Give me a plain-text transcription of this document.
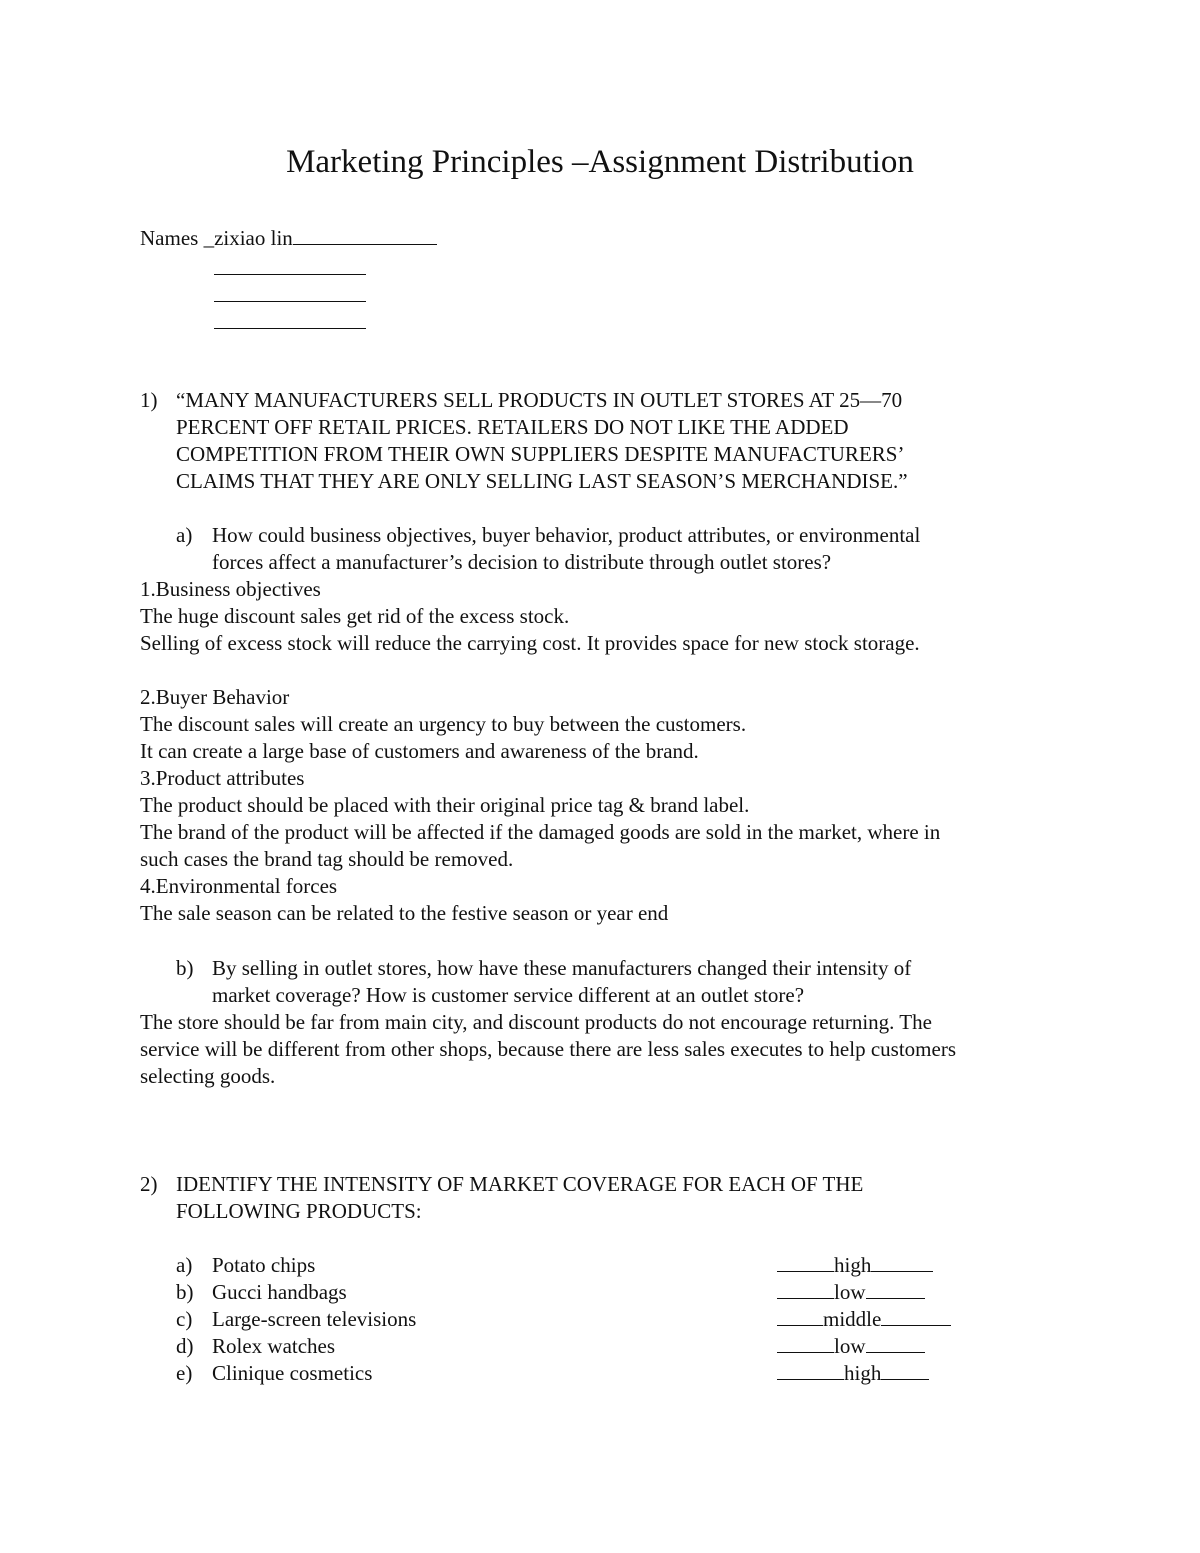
Marketing Principles –Assignment Distribution
Names _zixiao lin
1) “MANY MANUFACTURERS SELL PRODUCTS IN OUTLET STORES AT 25—70
PERCENT OFF RETAIL PRICES. RETAILERS DO NOT LIKE THE ADDED
COMPETITION FROM THEIR OWN SUPPLIERS DESPITE MANUFACTURERS’
CLAIMS THAT THEY ARE ONLY SELLING LAST SEASON’S MERCHANDISE.”
a) How could business objectives, buyer behavior, product attributes, or environmental
forces affect a manufacturer’s decision to distribute through outlet stores?
1.Business objectives
The huge discount sales get rid of the excess stock.
Selling of excess stock will reduce the carrying cost. It provides space for new stock storage.
2.Buyer Behavior
The discount sales will create an urgency to buy between the customers.
It can create a large base of customers and awareness of the brand.
3.Product attributes
The product should be placed with their original price tag & brand label.
The brand of the product will be affected if the damaged goods are sold in the market, where in
such cases the brand tag should be removed.
4.Environmental forces
The sale season can be related to the festive season or year end
b) By selling in outlet stores, how have these manufacturers changed their intensity of
market coverage? How is customer service different at an outlet store?
The store should be far from main city, and discount products do not encourage returning. The
service will be different from other shops, because there are less sales executes to help customers
selecting goods.
2) IDENTIFY THE INTENSITY OF MARKET COVERAGE FOR EACH OF THE
FOLLOWING PRODUCTS:
a) Potato chips	high
b) Gucci handbags	low
c) Large-screen televisions	middle
d) Rolex watches	low
e) Clinique cosmetics	high
